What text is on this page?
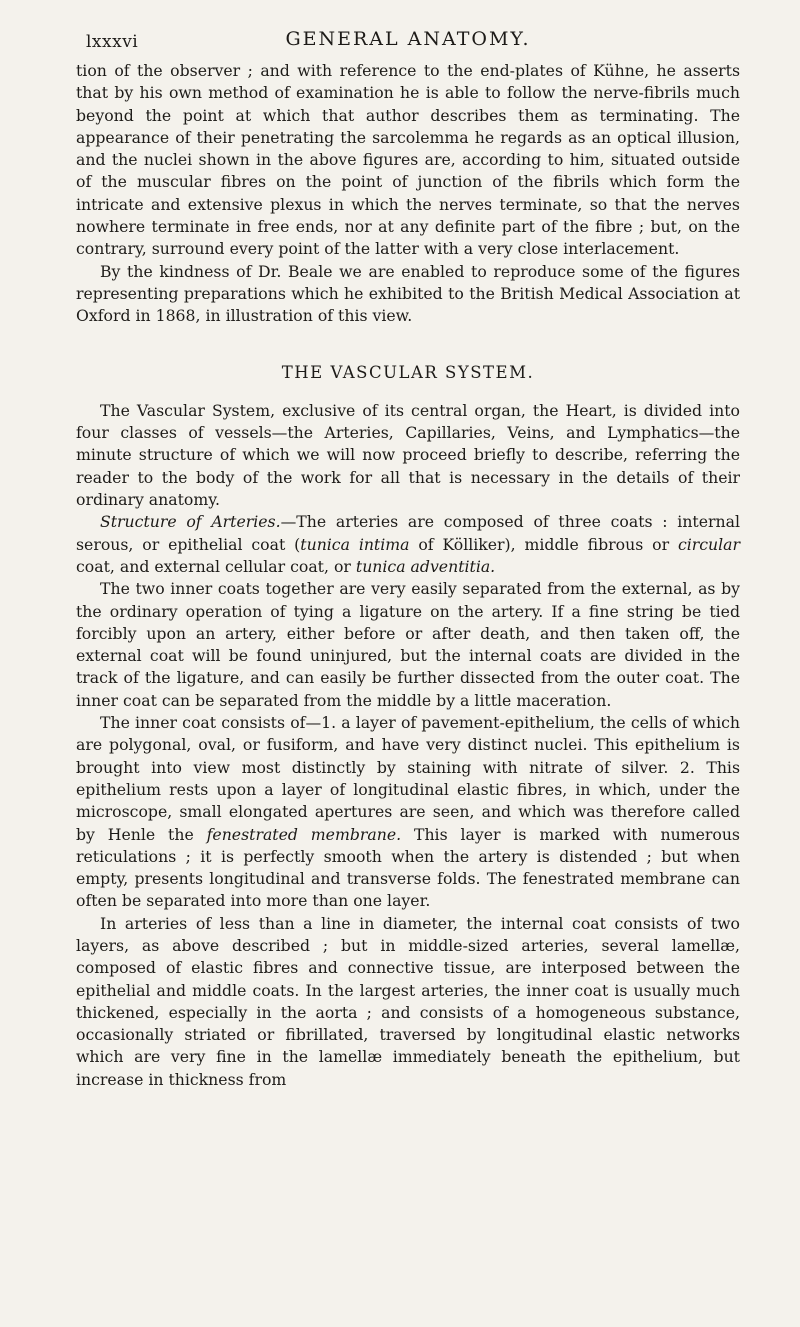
lxxxvi	GENERAL ANATOMY.

tion of the observer ; and with reference to the end-plates of Kühne, he asserts that by his own method of examination he is able to follow the nerve-fibrils much beyond the point at which that author describes them as terminating. The appearance of their penetrating the sarcolemma he regards as an optical illusion, and the nuclei shown in the above figures are, according to him, situated outside of the muscular fibres on the point of junction of the fibrils which form the intricate and extensive plexus in which the nerves terminate, so that the nerves nowhere terminate in free ends, nor at any definite part of the fibre ; but, on the contrary, surround every point of the latter with a very close interlacement.

By the kindness of Dr. Beale we are enabled to reproduce some of the figures representing preparations which he exhibited to the British Medical Association at Oxford in 1868, in illustration of this view.

THE VASCULAR SYSTEM.

The Vascular System, exclusive of its central organ, the Heart, is divided into four classes of vessels—the Arteries, Capillaries, Veins, and Lymphatics—the minute structure of which we will now proceed briefly to describe, referring the reader to the body of the work for all that is necessary in the details of their ordinary anatomy.

Structure of Arteries.—The arteries are composed of three coats : internal serous, or epithelial coat (tunica intima of Kölliker), middle fibrous or circular coat, and external cellular coat, or tunica adventitia.

The two inner coats together are very easily separated from the external, as by the ordinary operation of tying a ligature on the artery. If a fine string be tied forcibly upon an artery, either before or after death, and then taken off, the external coat will be found uninjured, but the internal coats are divided in the track of the ligature, and can easily be further dissected from the outer coat. The inner coat can be separated from the middle by a little maceration.

The inner coat consists of—1. a layer of pavement-epithelium, the cells of which are polygonal, oval, or fusiform, and have very distinct nuclei. This epithelium is brought into view most distinctly by staining with nitrate of silver. 2. This epithelium rests upon a layer of longitudinal elastic fibres, in which, under the microscope, small elongated apertures are seen, and which was therefore called by Henle the fenestrated membrane. This layer is marked with numerous reticulations ; it is perfectly smooth when the artery is distended ; but when empty, presents longitudinal and transverse folds. The fenestrated membrane can often be separated into more than one layer.

In arteries of less than a line in diameter, the internal coat consists of two layers, as above described ; but in middle-sized arteries, several lamellæ, composed of elastic fibres and connective tissue, are interposed between the epithelial and middle coats. In the largest arteries, the inner coat is usually much thickened, especially in the aorta ; and consists of a homogeneous substance, occasionally striated or fibrillated, traversed by longitudinal elastic networks which are very fine in the lamellæ immediately beneath the epithelium, but increase in thickness from
